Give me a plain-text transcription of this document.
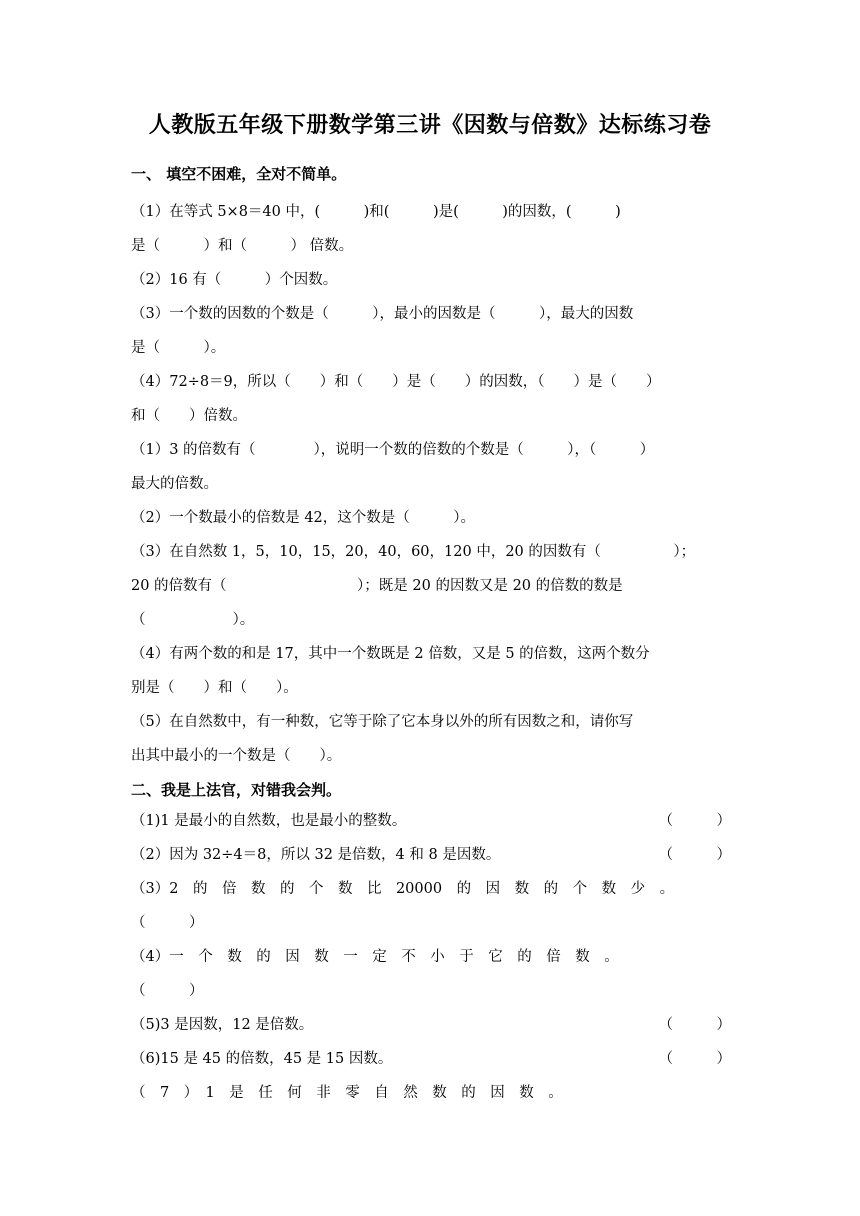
人教版五年级下册数学第三讲《因数与倍数》达标练习卷
一、 填空不困难，全对不简单。
（1）在等式 5×8＝40 中，(　　　)和(　　　)是(　　　)的因数，(　　　)
是（　　　）和（　　　） 倍数。
（2）16 有（　　　）个因数。
（3）一个数的因数的个数是（　　　），最小的因数是（　　　），最大的因数
是（　　　）。
（4）72÷8＝9，所以（　　）和（　　）是（　　）的因数，（　　）是（　　）
和（　　）倍数。
（1）3 的倍数有（　　　　），说明一个数的倍数的个数是（　　　），（　　　）
最大的倍数。
（2）一个数最小的倍数是 42，这个数是（　　　）。
（3）在自然数 1，5，10，15，20，40，60，120 中，20 的因数有（　　　　　）；
20 的倍数有（　　　　　　　　　）；既是 20 的因数又是 20 的倍数的数是
（　　　　　　）。
（4）有两个数的和是 17，其中一个数既是 2 倍数，又是 5 的倍数，这两个数分
别是（　　）和（　　）。
（5）在自然数中，有一种数，它等于除了它本身以外的所有因数之和，请你写
出其中最小的一个数是（　　）。
二、我是上法官，对错我会判。
（1)1 是最小的自然数，也是最小的整数。	（　　　）
（2）因为 32÷4＝8，所以 32 是倍数，4 和 8 是因数。	（　　　）
（3）2　的　倍　数　的　个　数　比　20000　的　因　数　的　个　数　少　。
（　　　）
（4）一　个　数　的　因　数　一　定　不　小　于　它　的　倍　数　。
（　　　）
（5)3 是因数，12 是倍数。	（　　　）
（6)15 是 45 的倍数，45 是 15 因数。	（　　　）
（　7　）　1　是　任　何　非　零　自　然　数　的　因　数　。
